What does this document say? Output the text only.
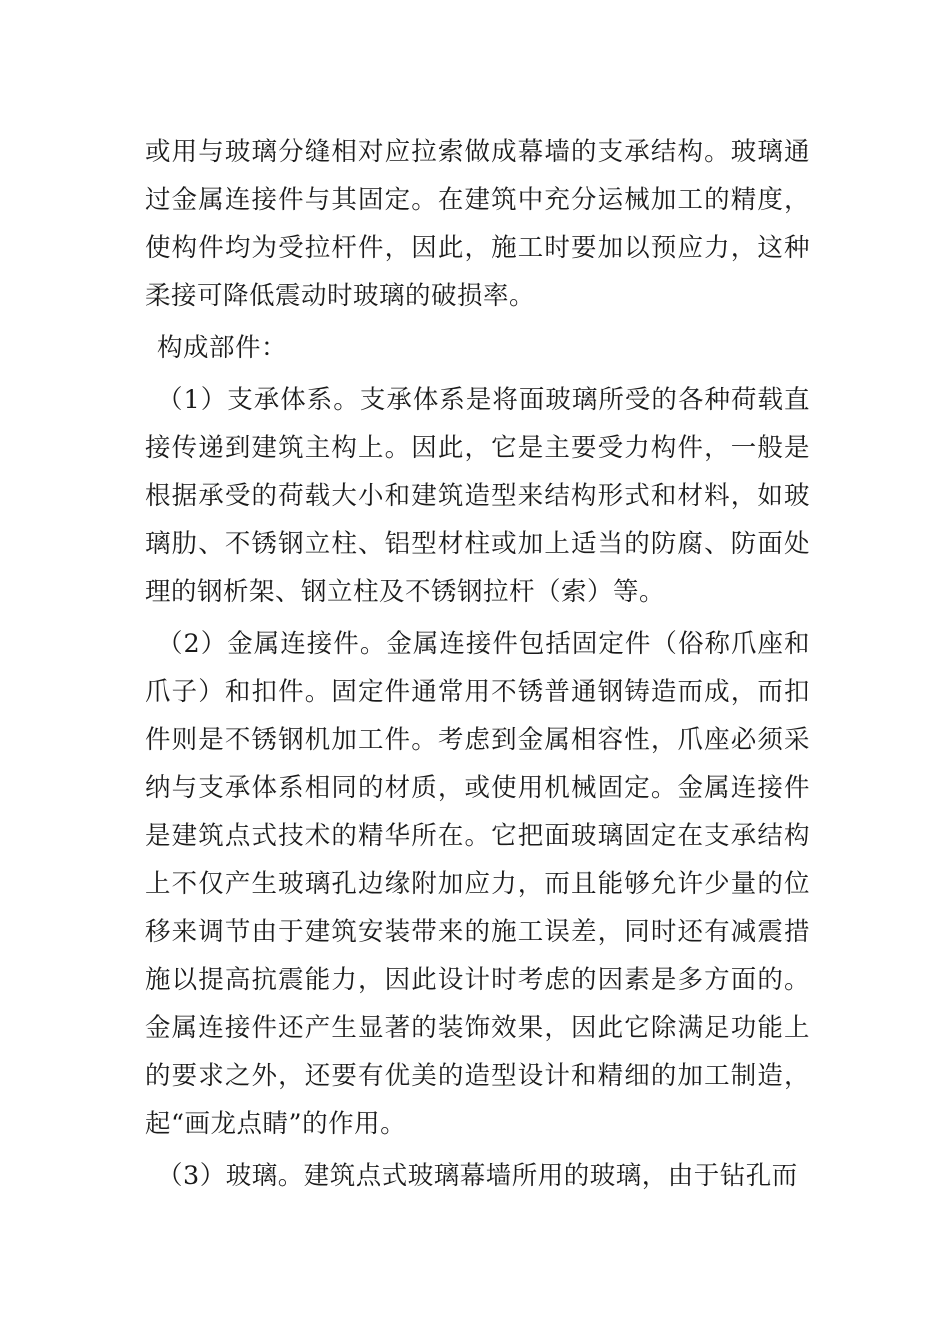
或用与玻璃分缝相对应拉索做成幕墙的支承结构。玻璃通过金属连接件与其固定。在建筑中充分运械加工的精度，使构件均为受拉杆件，因此，施工时要加以预应力，这种柔接可降低震动时玻璃的破损率。

构成部件：

（1）支承体系。支承体系是将面玻璃所受的各种荷载直接传递到建筑主构上。因此，它是主要受力构件，一般是根据承受的荷载大小和建筑造型来结构形式和材料，如玻璃肋、不锈钢立柱、铝型材柱或加上适当的防腐、防面处理的钢析架、钢立柱及不锈钢拉杆（索）等。

（2）金属连接件。金属连接件包括固定件（俗称爪座和爪子）和扣件。固定件通常用不锈普通钢铸造而成，而扣件则是不锈钢机加工件。考虑到金属相容性，爪座必须采纳与支承体系相同的材质，或使用机械固定。金属连接件是建筑点式技术的精华所在。它把面玻璃固定在支承结构上不仅产生玻璃孔边缘附加应力，而且能够允许少量的位移来调节由于建筑安装带来的施工误差，同时还有减震措施以提高抗震能力，因此设计时考虑的因素是多方面的。金属连接件还产生显著的装饰效果，因此它除满足功能上的要求之外，还要有优美的造型设计和精细的加工制造，起“画龙点睛”的作用。

（3）玻璃。建筑点式玻璃幕墙所用的玻璃，由于钻孔而
